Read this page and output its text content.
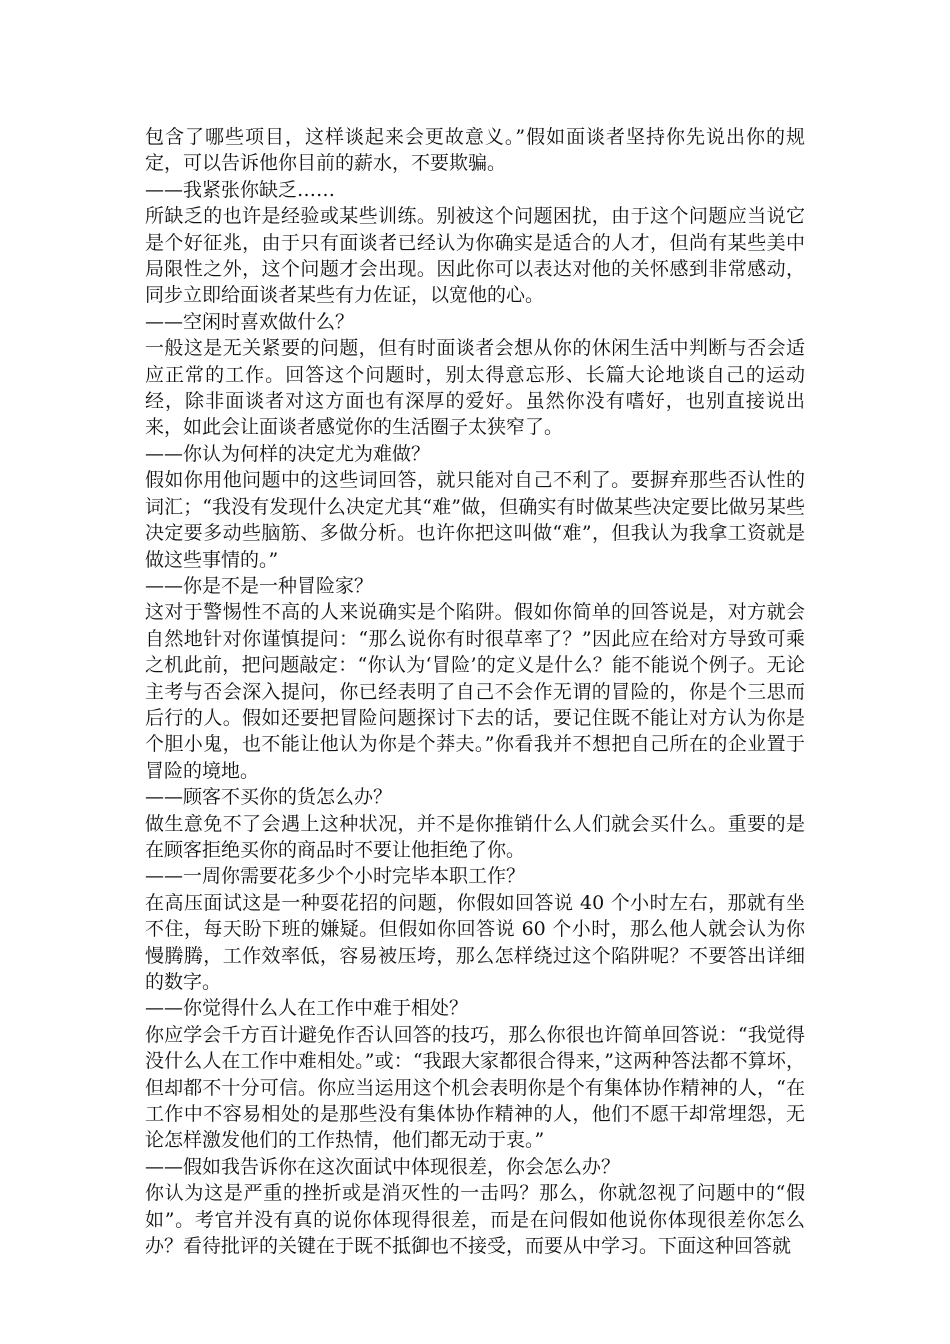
包含了哪些项目，这样谈起来会更故意义。”假如面谈者坚持你先说出你的规定，可以告诉他你目前的薪水，不要欺骗。

——我紧张你缺乏……

所缺乏的也许是经验或某些训练。别被这个问题困扰，由于这个问题应当说它是个好征兆，由于只有面谈者已经认为你确实是适合的人才，但尚有某些美中局限性之外，这个问题才会出现。因此你可以表达对他的关怀感到非常感动，同步立即给面谈者某些有力佐证，以宽他的心。

——空闲时喜欢做什么？

一般这是无关紧要的问题，但有时面谈者会想从你的休闲生活中判断与否会适应正常的工作。回答这个问题时，别太得意忘形、长篇大论地谈自己的运动经，除非面谈者对这方面也有深厚的爱好。虽然你没有嗜好，也别直接说出来，如此会让面谈者感觉你的生活圈子太狭窄了。

——你认为何样的决定尤为难做？

假如你用他问题中的这些词回答，就只能对自己不利了。要摒弃那些否认性的词汇；“我没有发现什么决定尤其“难”做，但确实有时做某些决定要比做另某些决定要多动些脑筋、多做分析。也许你把这叫做“难”，但我认为我拿工资就是做这些事情的。”

——你是不是一种冒险家？

这对于警惕性不高的人来说确实是个陷阱。假如你简单的回答说是，对方就会自然地针对你谨慎提问：“那么说你有时很草率了？”因此应在给对方导致可乘之机此前，把问题敲定：“你认为‘冒险’的定义是什么？能不能说个例子。无论主考与否会深入提问，你已经表明了自己不会作无谓的冒险的，你是个三思而后行的人。假如还要把冒险问题探讨下去的话，要记住既不能让对方认为你是个胆小鬼，也不能让他认为你是个莽夫。”你看我并不想把自己所在的企业置于冒险的境地。

——顾客不买你的货怎么办？

做生意免不了会遇上这种状况，并不是你推销什么人们就会买什么。重要的是在顾客拒绝买你的商品时不要让他拒绝了你。

——一周你需要花多少个小时完毕本职工作？

在高压面试这是一种耍花招的问题，你假如回答说 40 个小时左右，那就有坐不住，每天盼下班的嫌疑。但假如你回答说 60 个小时，那么他人就会认为你慢腾腾，工作效率低，容易被压垮，那么怎样绕过这个陷阱呢？不要答出详细的数字。

——你觉得什么人在工作中难于相处？

你应学会千方百计避免作否认回答的技巧，那么你很也许简单回答说：“我觉得没什么人在工作中难相处。”或：“我跟大家都很合得来，”这两种答法都不算坏，但却都不十分可信。你应当运用这个机会表明你是个有集体协作精神的人，“在工作中不容易相处的是那些没有集体协作精神的人，他们不愿干却常埋怨，无论怎样激发他们的工作热情，他们都无动于衷。”

——假如我告诉你在这次面试中体现很差，你会怎么办？

你认为这是严重的挫折或是消灭性的一击吗？那么，你就忽视了问题中的“假如”。考官并没有真的说你体现得很差，而是在问假如他说你体现很差你怎么办？看待批评的关键在于既不抵御也不接受，而要从中学习。下面这种回答就
